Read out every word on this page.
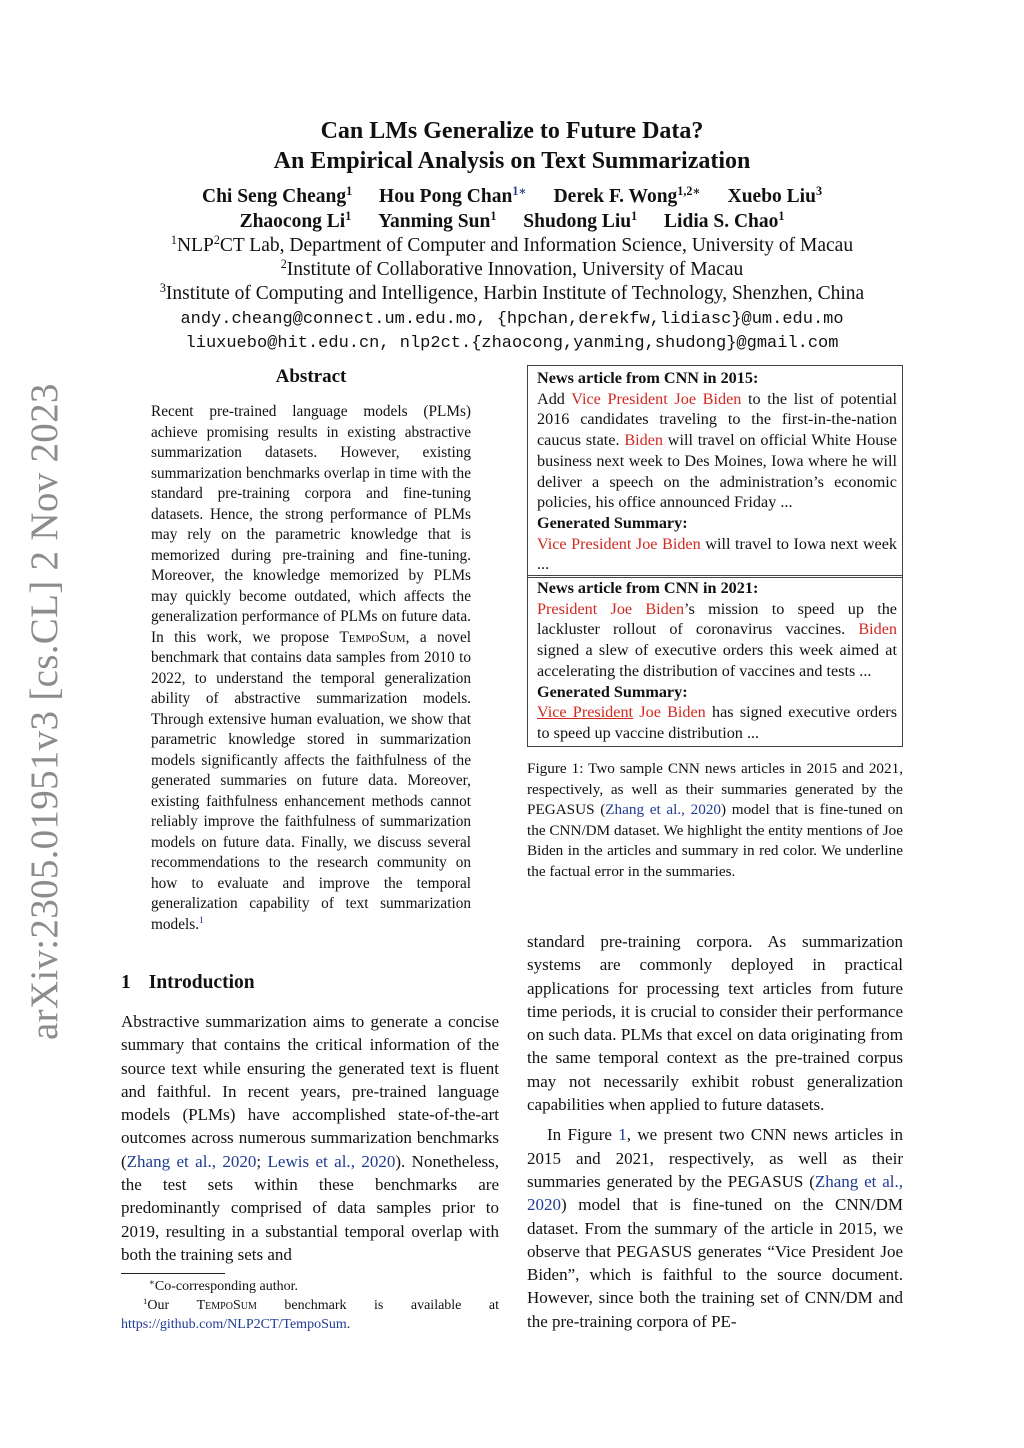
arXiv:2305.01951v3 [cs.CL] 2 Nov 2023
Can LMs Generalize to Future Data?
An Empirical Analysis on Text Summarization
Chi Seng Cheang$^1$ Hou Pong Chan$^{1∗}$ Derek F. Wong$^{1,2∗}$ Xuebo Liu$^3$
Zhaocong Li$^1$ Yanming Sun$^1$ Shudong Liu$^1$ Lidia S. Chao$^1$
$^1$NLP$^2$CT Lab, Department of Computer and Information Science, University of Macau
$^2$Institute of Collaborative Innovation, University of Macau
$^3$Institute of Computing and Intelligence, Harbin Institute of Technology, Shenzhen, China
andy.cheang@connect.um.edu.mo, {hpchan,derekfw,lidiasc}@um.edu.mo
liuxuebo@hit.edu.cn, nlp2ct.{zhaocong,yanming,shudong}@gmail.com
Abstract

Recent pre-trained language models (PLMs) achieve promising results in existing abstractive summarization datasets. However, existing summarization benchmarks overlap in time with the standard pre-training corpora and fine-tuning datasets. Hence, the strong performance of PLMs may rely on the parametric knowledge that is memorized during pre-training and fine-tuning. Moreover, the knowledge memorized by PLMs may quickly become outdated, which affects the generalization performance of PLMs on future data. In this work, we propose TempoSum, a novel benchmark that contains data samples from 2010 to 2022, to understand the temporal generalization ability of abstractive summarization models. Through extensive human evaluation, we show that parametric knowledge stored in summarization models significantly affects the faithfulness of the generated summaries on future data. Moreover, existing faithfulness enhancement methods cannot reliably improve the faithfulness of summarization models on future data. Finally, we discuss several recommendations to the research community on how to evaluate and improve the temporal generalization capability of text summarization models.$^1$

1 Introduction

Abstractive summarization aims to generate a concise summary that contains the critical information of the source text while ensuring the generated text is fluent and faithful. In recent years, pre-trained language models (PLMs) have accomplished state-of-the-art outcomes across numerous summarization benchmarks (Zhang et al., 2020; Lewis et al., 2020). Nonetheless, the test sets within these benchmarks are predominantly comprised of data samples prior to 2019, resulting in a substantial temporal overlap with both the training sets and

∗Co-corresponding author.
$^1$Our TempoSum benchmark is available at https://github.com/NLP2CT/TempoSum.
News article from CNN in 2015:
Add Vice President Joe Biden to the list of potential 2016 candidates traveling to the first-in-the-nation caucus state. Biden will travel on official White House business next week to Des Moines, Iowa where he will deliver a speech on the administration’s economic policies, his office announced Friday ...
Generated Summary:
Vice President Joe Biden will travel to Iowa next week ...
News article from CNN in 2021:
President Joe Biden’s mission to speed up the lackluster rollout of coronavirus vaccines. Biden signed a slew of executive orders this week aimed at accelerating the distribution of vaccines and tests ...
Generated Summary:
Vice President Joe Biden has signed executive orders to speed up vaccine distribution ...
Figure 1: Two sample CNN news articles in 2015 and 2021, respectively, as well as their summaries generated by the PEGASUS (Zhang et al., 2020) model that is fine-tuned on the CNN/DM dataset. We highlight the entity mentions of Joe Biden in the articles and summary in red color. We underline the factual error in the summaries.

standard pre-training corpora. As summarization systems are commonly deployed in practical applications for processing text articles from future time periods, it is crucial to consider their performance on such data. PLMs that excel on data originating from the same temporal context as the pre-trained corpus may not necessarily exhibit robust generalization capabilities when applied to future datasets.

In Figure 1, we present two CNN news articles in 2015 and 2021, respectively, as well as their summaries generated by the PEGASUS (Zhang et al., 2020) model that is fine-tuned on the CNN/DM dataset. From the summary of the article in 2015, we observe that PEGASUS generates “Vice President Joe Biden”, which is faithful to the source document. However, since both the training set of CNN/DM and the pre-training corpora of PE-
